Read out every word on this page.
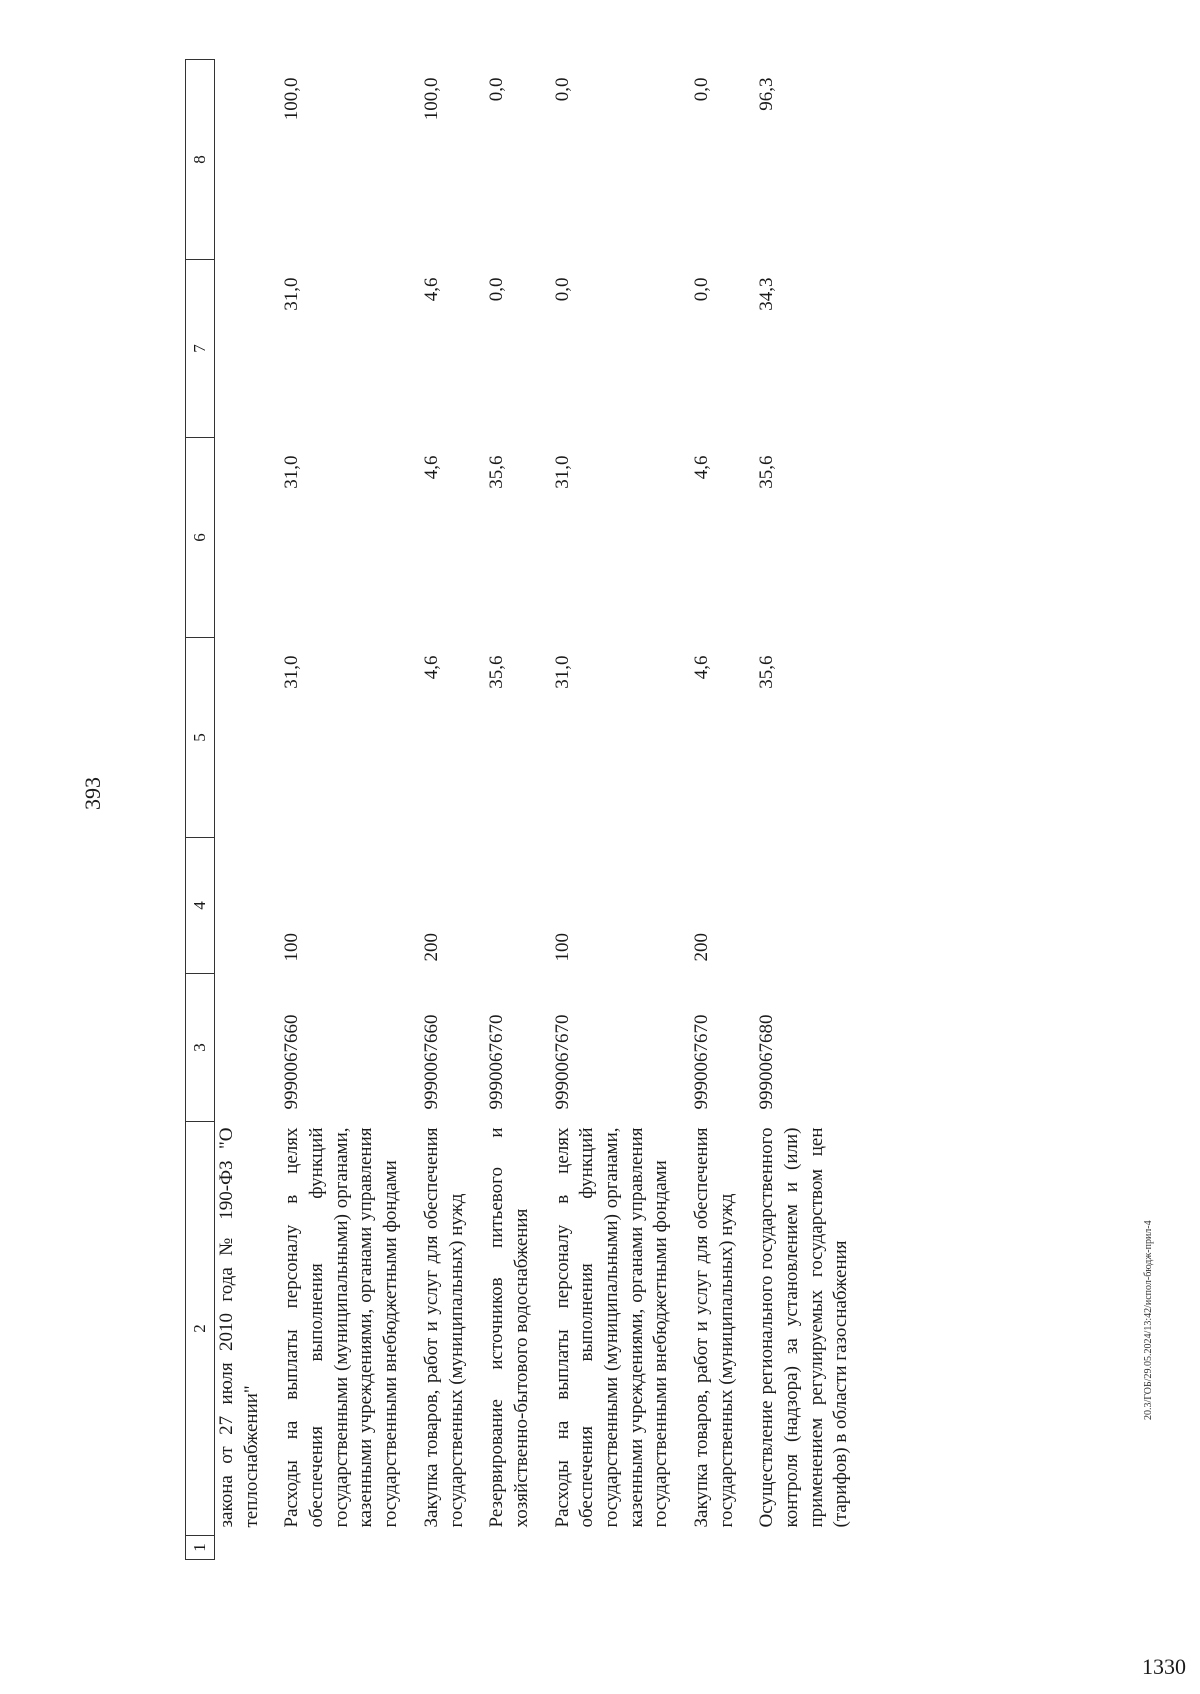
393
1	2	3	4	5	6	7	8
	закона от 27 июля 2010 года № 190-ФЗ "О теплоснабжении"						
	Расходы на выплаты персоналу в целях обеспечения выполнения функций государственными (муниципальными) органами, казенными учреждениями, органами управления государственными внебюджетными фондами	9990067660	100	31,0	31,0	31,0	100,0
	Закупка товаров, работ и услуг для обеспечения государственных (муниципальных) нужд	9990067660	200	4,6	4,6	4,6	100,0
	Резервирование источников питьевого и хозяйственно-бытового водоснабжения	9990067670		35,6	35,6	0,0	0,0
	Расходы на выплаты персоналу в целях обеспечения выполнения функций государственными (муниципальными) органами, казенными учреждениями, органами управления государственными внебюджетными фондами	9990067670	100	31,0	31,0	0,0	0,0
	Закупка товаров, работ и услуг для обеспечения государственных (муниципальных) нужд	9990067670	200	4,6	4,6	0,0	0,0
	Осуществление регионального государственного контроля (надзора) за установлением и (или) применением регулируемых государством цен (тарифов) в области газоснабжения	9990067680		35,6	35,6	34,3	96,3
20.3/ГОБ/29.05.2024/13:42/испол-бюдж-прил-4
1330
